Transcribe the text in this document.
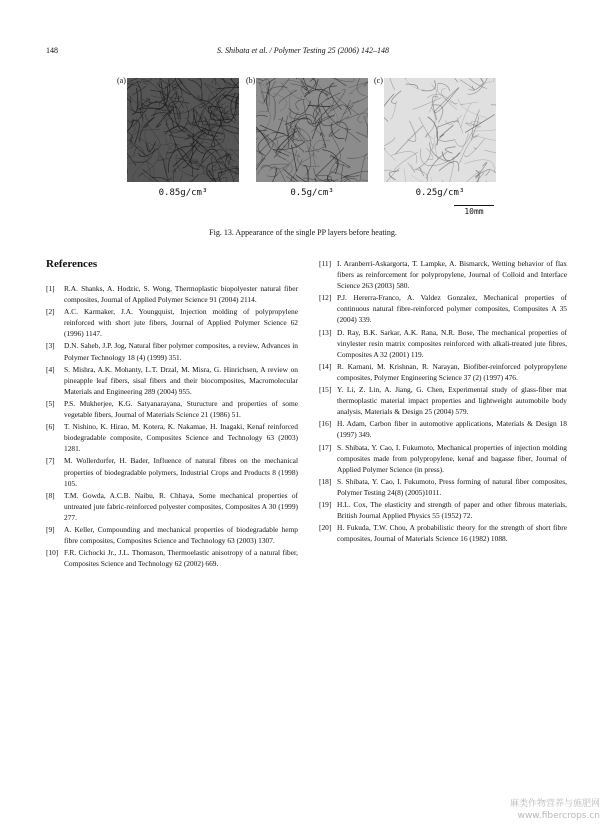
148	S. Shibata et al. / Polymer Testing 25 (2006) 142–148
(a)
0.85g/cm³
(b)
0.5g/cm³
(c)
0.25g/cm³
10mm
Fig. 13. Appearance of the single PP layers before heating.
References
[1] R.A. Shanks, A. Hodzic, S. Wong, Thermoplastic biopolyester natural fiber composites, Journal of Applied Polymer Science 91 (2004) 2114.
[2] A.C. Karmaker, J.A. Youngquist, Injection molding of polypropylene reinforced with short jute fibers, Journal of Applied Polymer Science 62 (1996) 1147.
[3] D.N. Saheb, J.P. Jog, Natural fiber polymer composites, a review, Advances in Polymer Technology 18 (4) (1999) 351.
[4] S. Mishra, A.K. Mohanty, L.T. Drzal, M. Misra, G. Hinrichsen, A review on pineapple leaf fibers, sisal fibers and their biocomposites, Macromolecular Materials and Engineering 289 (2004) 955.
[5] P.S. Mukherjee, K.G. Satyanarayana, Sturucture and properties of some vegetable fibers, Journal of Materials Science 21 (1986) 51.
[6] T. Nishino, K. Hirao, M. Kotera, K. Nakamae, H. Inagaki, Kenaf reinforced biodegradable composite, Composites Science and Technology 63 (2003) 1281.
[7] M. Wollerdorfer, H. Bader, Influence of natural fibres on the mechanical properties of biodegradable polymers, Industrial Crops and Products 8 (1998) 105.
[8] T.M. Gowda, A.C.B. Naibu, R. Chhaya, Some mechanical properties of untreated jute fabric-reinforced polyester composites, Composites A 30 (1999) 277.
[9] A. Keller, Compounding and mechanical properties of biodegradable hemp fibre composites, Composites Science and Technology 63 (2003) 1307.
[10] F.R. Cichocki Jr., J.L. Thomason, Thermoelastic anisotropy of a natural fiber, Composites Science and Technology 62 (2002) 669.
[11] I. Aranberri-Askargorta, T. Lampke, A. Bismarck, Wetting behavior of flax fibers as reinforcement for polypropylene, Journal of Colloid and Interface Science 263 (2003) 580.
[12] P.J. Hererra-Franco, A. Valdez Gonzalez, Mechanical properties of continuous natural fibre-reinforced polymer composites, Composites A 35 (2004) 339.
[13] D. Ray, B.K. Sarkar, A.K. Rana, N.R. Bose, The mechanical properties of vinylester resin matrix composites reinforced with alkali-treated jute fibres, Composites A 32 (2001) 119.
[14] R. Karnani, M. Krishnan, R. Narayan, Biofiber-reinforced polypropylene composites, Polymer Engineering Science 37 (2) (1997) 476.
[15] Y. Li, Z. Lin, A. Jiang, G. Chen, Experimental study of glass-fiber mat thermoplastic material impact properties and lightweight automobile body analysis, Materials & Design 25 (2004) 579.
[16] H. Adam, Carbon fiber in automotive applications, Materials & Design 18 (1997) 349.
[17] S. Shibata, Y. Cao, I. Fukumoto, Mechanical properties of injection molding composites made from polypropylene, kenaf and bagasse fiber, Journal of Applied Polymer Science (in press).
[18] S. Shibata, Y. Cao, I. Fukumoto, Press forming of natural fiber composites, Polymer Testing 24(8) (2005)1011.
[19] H.L. Cox, The elasticity and strength of paper and other fibrous materials, British Journal Applied Physics 55 (1952) 72.
[20] H. Fukuda, T.W. Chou, A probabilistic theory for the strength of short fibre composites, Journal of Materials Science 16 (1982) 1088.
麻类作物营养与施肥网
www.fibercrops.cn
